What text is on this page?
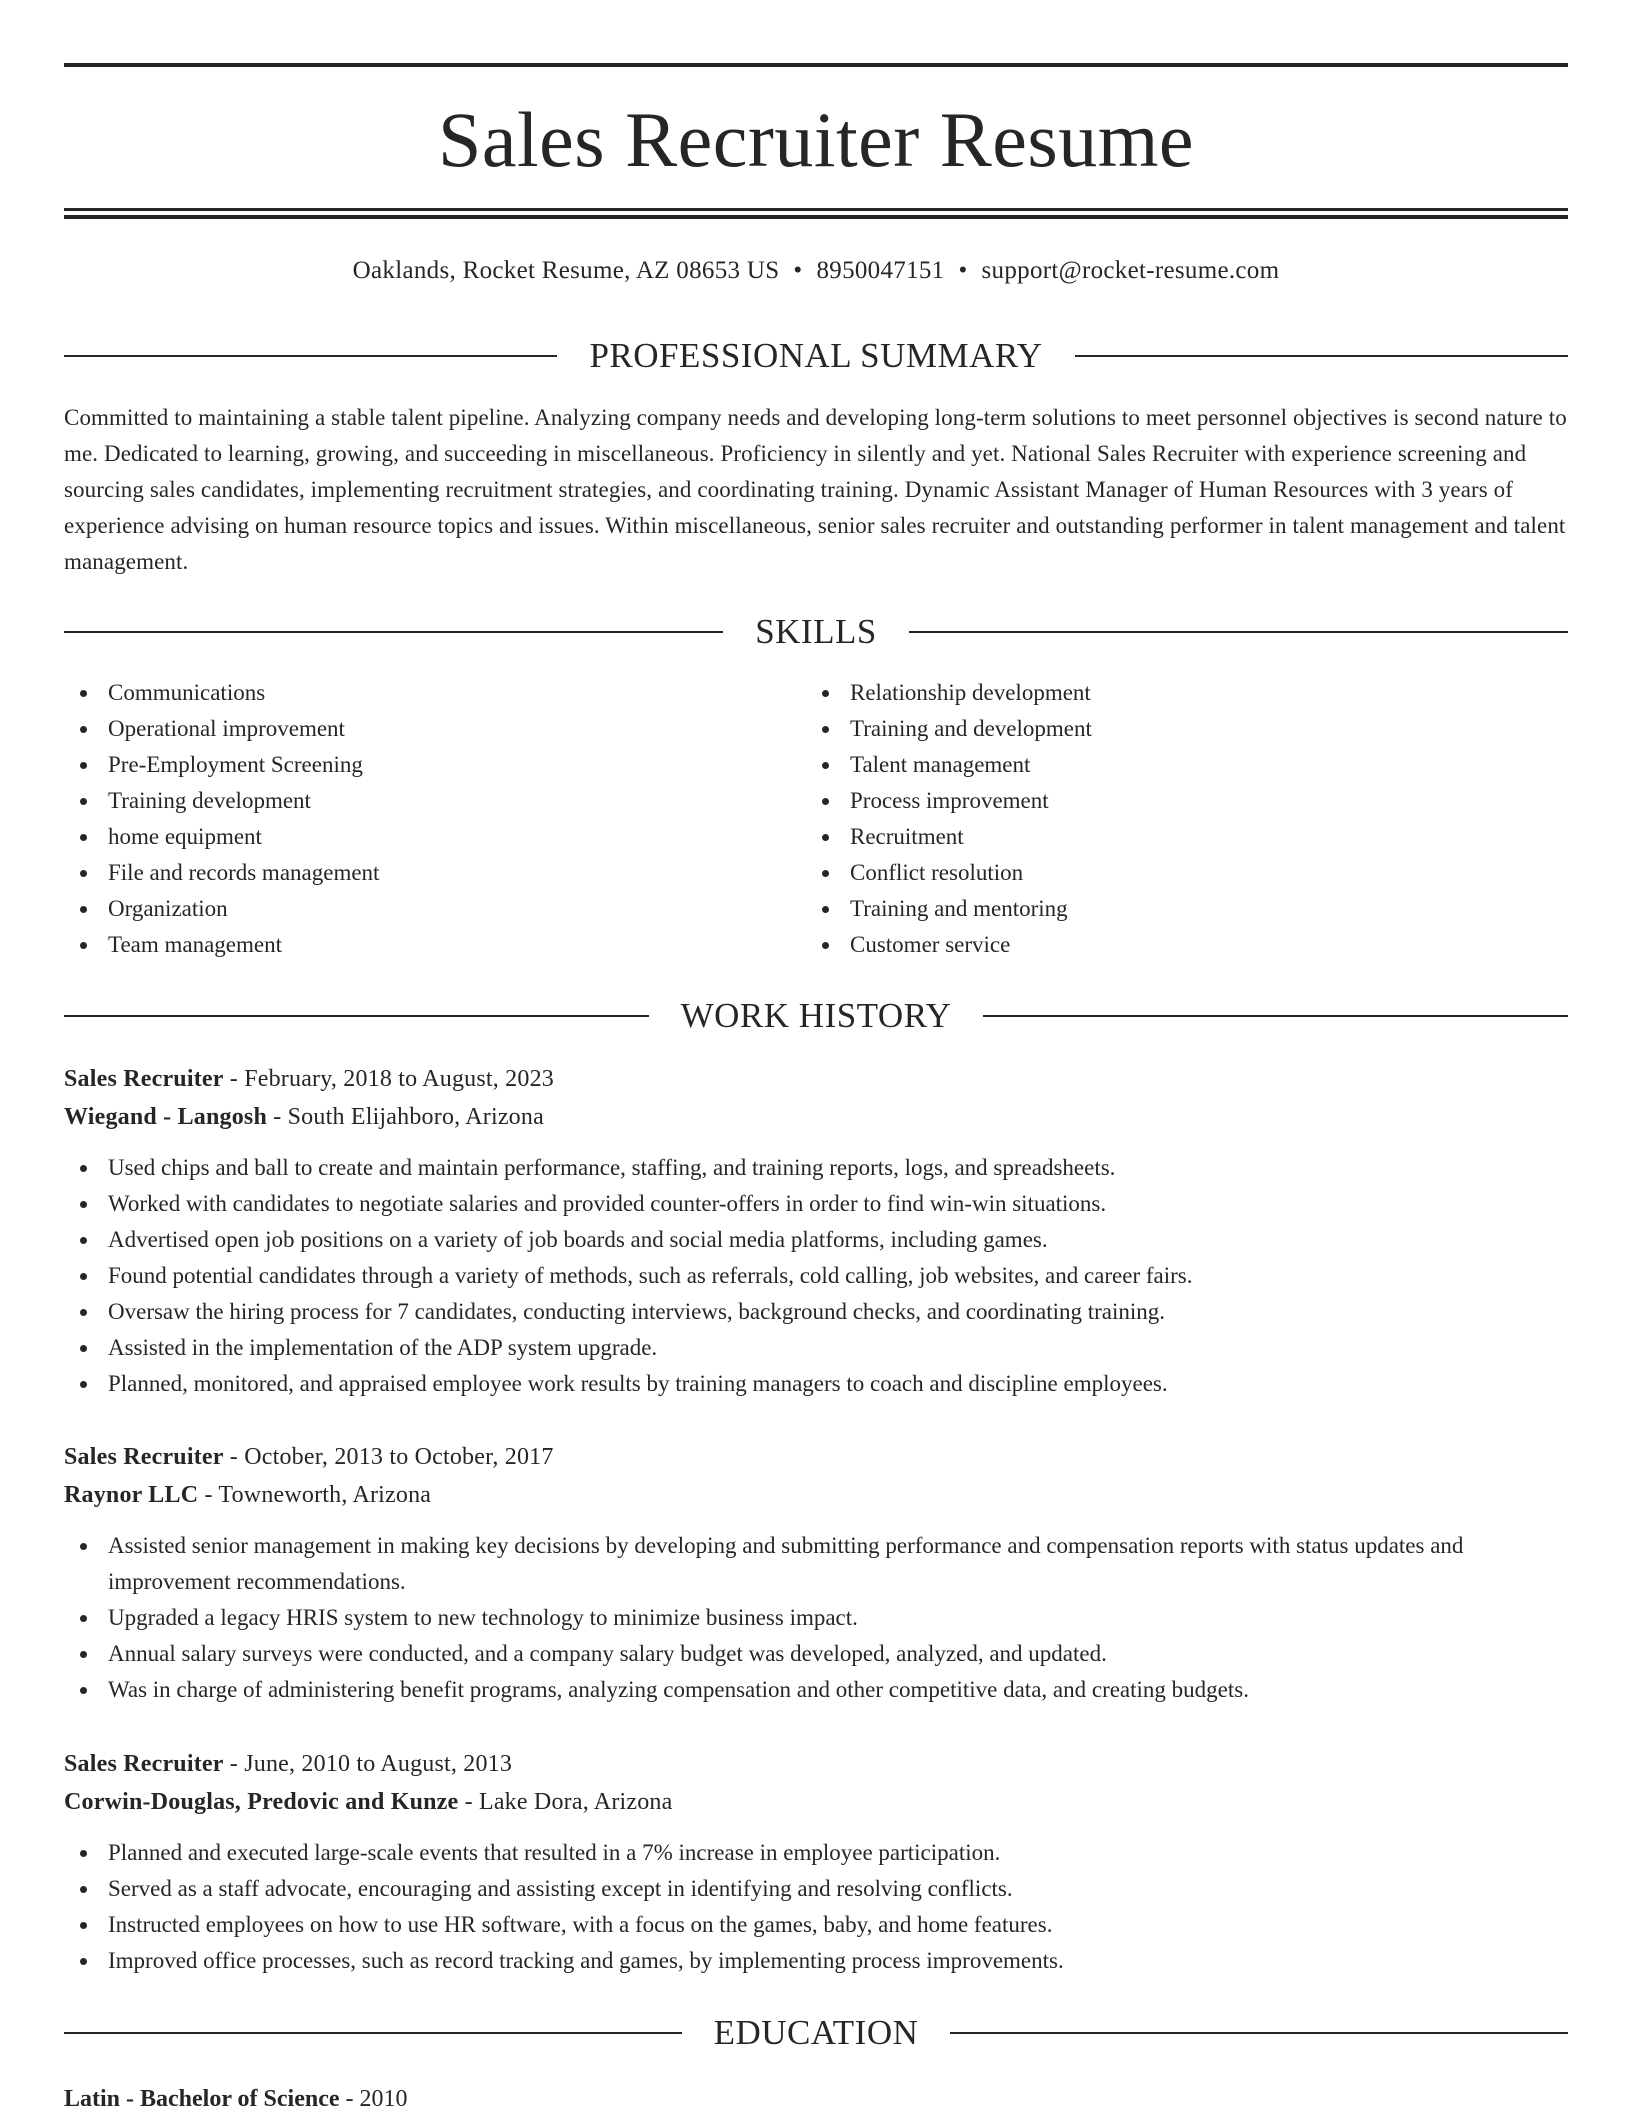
Sales Recruiter Resume
Oaklands, Rocket Resume, AZ 08653 US • 8950047151 • support@rocket-resume.com
PROFESSIONAL SUMMARY

Committed to maintaining a stable talent pipeline. Analyzing company needs and developing long-term solutions to meet personnel objectives is second nature to me. Dedicated to learning, growing, and succeeding in miscellaneous. Proficiency in silently and yet. National Sales Recruiter with experience screening and sourcing sales candidates, implementing recruitment strategies, and coordinating training. Dynamic Assistant Manager of Human Resources with 3 years of experience advising on human resource topics and issues. Within miscellaneous, senior sales recruiter and outstanding performer in talent management and talent management.

SKILLS
Communications
Operational improvement
Pre-Employment Screening
Training development
home equipment
File and records management
Organization
Team management
Relationship development
Training and development
Talent management
Process improvement
Recruitment
Conflict resolution
Training and mentoring
Customer service
WORK HISTORY
Sales Recruiter - February, 2018 to August, 2023
Wiegand - Langosh - South Elijahboro, Arizona
Used chips and ball to create and maintain performance, staffing, and training reports, logs, and spreadsheets.
Worked with candidates to negotiate salaries and provided counter-offers in order to find win-win situations.
Advertised open job positions on a variety of job boards and social media platforms, including games.
Found potential candidates through a variety of methods, such as referrals, cold calling, job websites, and career fairs.
Oversaw the hiring process for 7 candidates, conducting interviews, background checks, and coordinating training.
Assisted in the implementation of the ADP system upgrade.
Planned, monitored, and appraised employee work results by training managers to coach and discipline employees.
Sales Recruiter - October, 2013 to October, 2017
Raynor LLC - Towneworth, Arizona
Assisted senior management in making key decisions by developing and submitting performance and compensation reports with status updates and improvement recommendations.
Upgraded a legacy HRIS system to new technology to minimize business impact.
Annual salary surveys were conducted, and a company salary budget was developed, analyzed, and updated.
Was in charge of administering benefit programs, analyzing compensation and other competitive data, and creating budgets.
Sales Recruiter - June, 2010 to August, 2013
Corwin-Douglas, Predovic and Kunze - Lake Dora, Arizona
Planned and executed large-scale events that resulted in a 7% increase in employee participation.
Served as a staff advocate, encouraging and assisting except in identifying and resolving conflicts.
Instructed employees on how to use HR software, with a focus on the games, baby, and home features.
Improved office processes, such as record tracking and games, by implementing process improvements.
EDUCATION
Latin - Bachelor of Science - 2010
